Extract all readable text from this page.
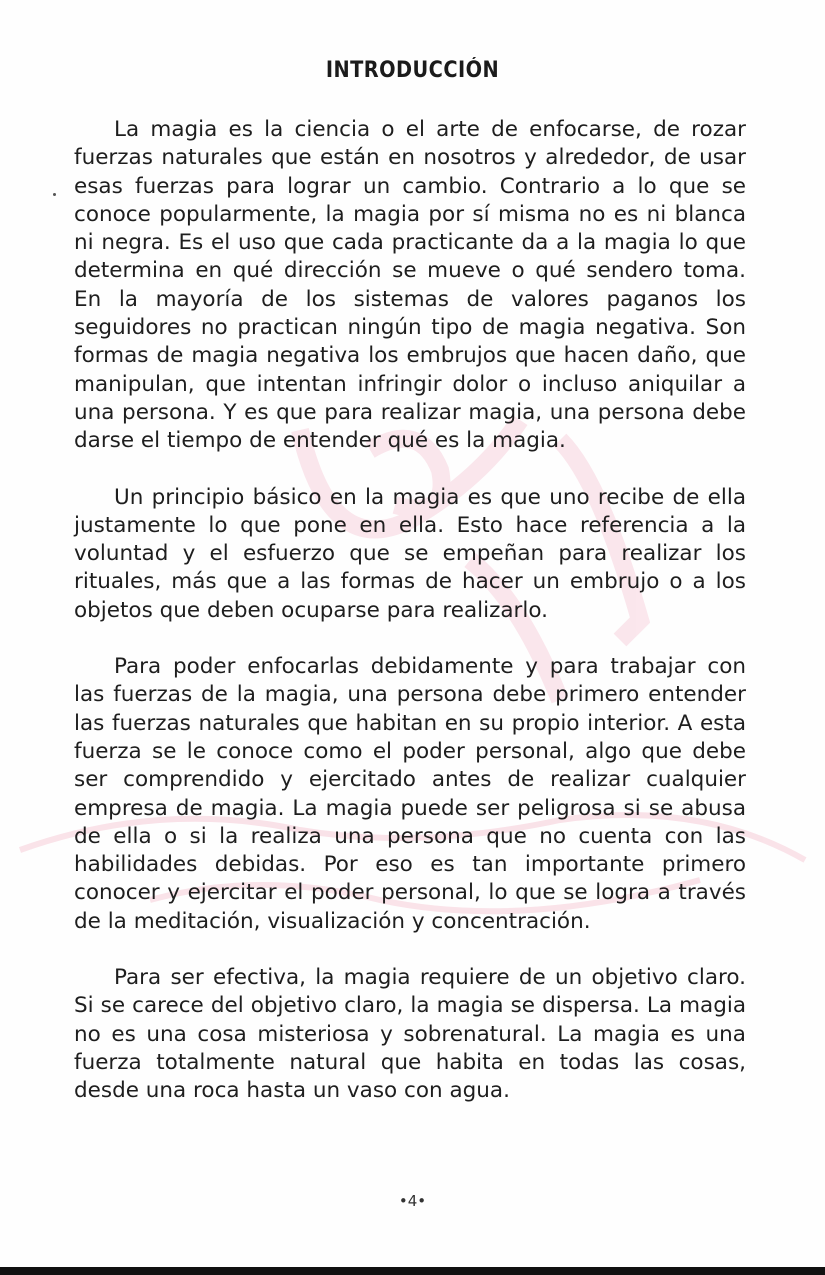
INTRODUCCIÓN

La magia es la ciencia o el arte de enfocarse, de rozar fuerzas naturales que están en nosotros y alrededor, de usar esas fuerzas para lograr un cambio. Contrario a lo que se conoce popularmente, la magia por sí misma no es ni blanca ni negra. Es el uso que cada practicante da a la magia lo que determina en qué dirección se mueve o qué sendero toma. En la mayoría de los sistemas de valores paganos los seguidores no practican ningún tipo de magia negativa. Son formas de magia negativa los embrujos que hacen daño, que manipulan, que intentan infringir dolor o incluso aniquilar a una persona. Y es que para realizar magia, una persona debe darse el tiempo de entender qué es la magia.

Un principio básico en la magia es que uno recibe de ella justamente lo que pone en ella. Esto hace referencia a la voluntad y el esfuerzo que se empeñan para realizar los rituales, más que a las formas de hacer un embrujo o a los objetos que deben ocuparse para realizarlo.

Para poder enfocarlas debidamente y para trabajar con las fuerzas de la magia, una persona debe primero entender las fuerzas naturales que habitan en su propio interior. A esta fuerza se le conoce como el poder personal, algo que debe ser comprendido y ejercitado antes de realizar cualquier empresa de magia. La magia puede ser peligrosa si se abusa de ella o si la realiza una persona que no cuenta con las habilidades debidas. Por eso es tan importante primero conocer y ejercitar el poder personal, lo que se logra a través de la meditación, visualización y concentración.

Para ser efectiva, la magia requiere de un objetivo claro. Si se carece del objetivo claro, la magia se dispersa. La magia no es una cosa misteriosa y sobrenatural. La magia es una fuerza totalmente natural que habita en todas las cosas, desde una roca hasta un vaso con agua.

•4•
